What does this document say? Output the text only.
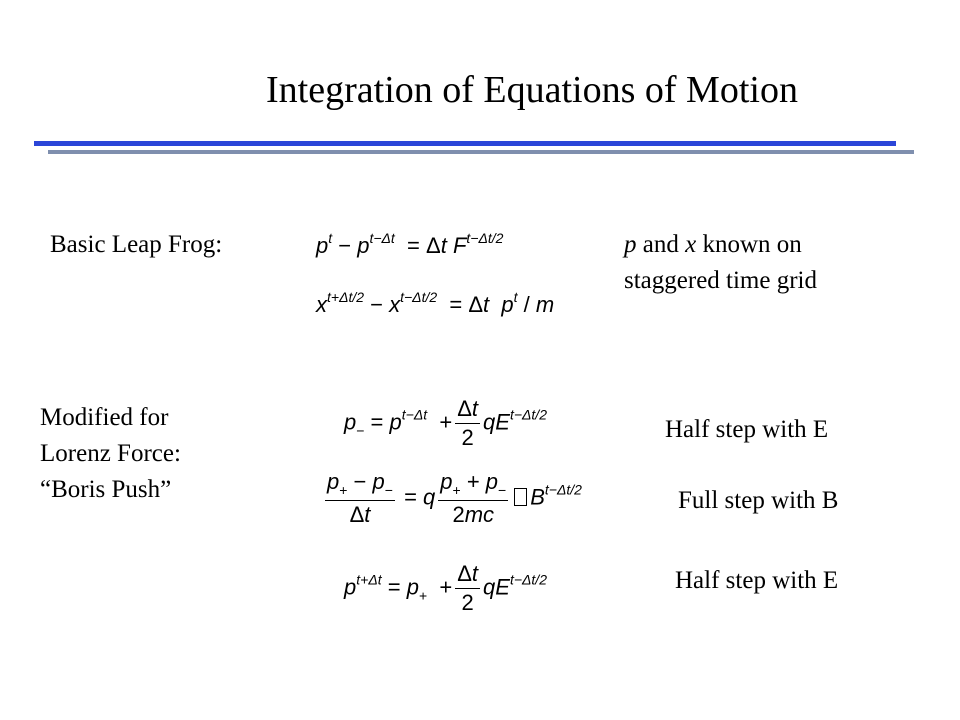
Integration of Equations of Motion
Basic Leap Frog:	$p^t - p^{t-\Delta t} = \Delta t$ $F^{t-\Delta t/2}$
$x^{t+\Delta t/2} - x^{t-\Delta t/2} = \Delta t$ $p^t$ / m
p and x known on
staggered time grid
Modified for
Lorenz Force:
“Boris Push”
$p_- = p^{t-\Delta t} + \frac{\Delta t}{2} qE^{t-\Delta t/2}$
$\frac{p_+ - p_-}{\Delta t} = q \frac{p_+ + p_-}{2mc} B^{t-\Delta t/2}$
$p^{t+\Delta t} = p_+ + \frac{\Delta t}{2} qE^{t-\Delta t/2}$
Half step with E
Full step with B
Half step with E
